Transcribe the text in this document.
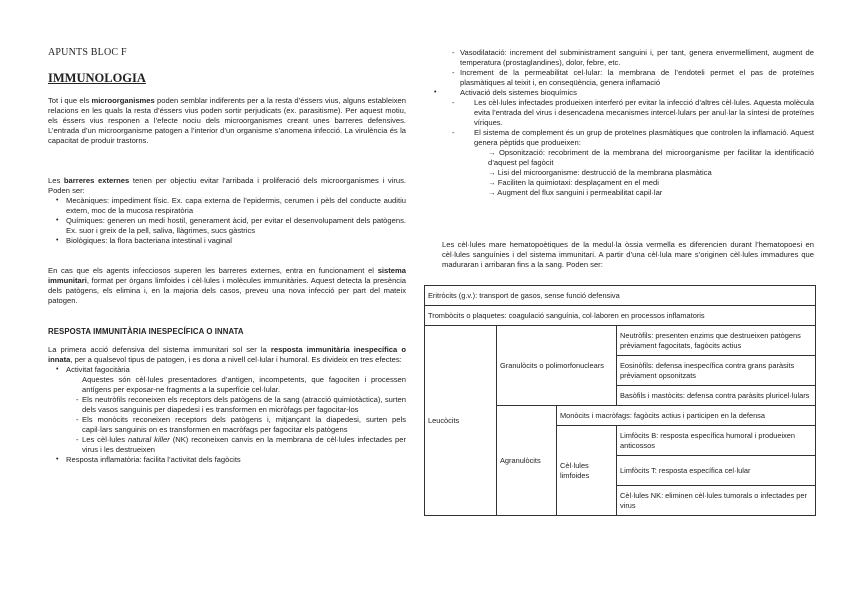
APUNTS BLOC F
IMMUNOLOGIA

Tot i que els microorganismes poden semblar indiferents per a la resta d’éssers vius, alguns estableixen relacions en les quals la resta d’éssers vius poden sortir perjudicats (ex. parasitisme). Per aquest motiu, els éssers vius responen a l’efecte nociu dels microorganismes creant unes barreres defensives. L’entrada d’un microorganisme patogen a l’interior d’un organisme s’anomena infecció. La virulència és la capacitat de produir trastorns.

Les barreres externes tenen per objectiu evitar l’arribada i proliferació dels microorganismes i virus. Poden ser:

• Mecàniques: impediment físic. Ex. capa externa de l’epidermis, cerumen i pèls del conducte auditiu extern, moc de la mucosa respiratòria
• Químiques: generen un medi hostil, generament àcid, per evitar el desenvolupament dels patògens. Ex. suor i greix de la pell, saliva, llàgrimes, sucs gàstrics
• Biològiques: la flora bacteriana intestinal i vaginal

En cas que els agents infecciosos superen les barreres externes, entra en funcionament el sistema immunitari, format per òrgans limfoides i cèl·lules i molècules immunitàries. Aquest detecta la presència dels patògens, els elimina i, en la majoria dels casos, preveu una nova infecció per part del mateix patogen.

RESPOSTA IMMUNITÀRIA INESPECÍFICA O INNATA

La primera acció defensiva del sistema immunitari sol ser la resposta immunitària inespecífica o innata, per a qualsevol tipus de patogen, i es dona a nivell cel·lular i humoral. Es divideix en tres efectes:

• Activitat fagocitària

Aquestes són cèl·lules presentadores d’antigen, incompetents, que fagociten i processen antígens per exposar-ne fragments a la superfície cel·lular.

- Els neutròfils reconeixen els receptors dels patògens de la sang (atracció quimiotàctica), surten dels vasos sanguinis per diapedesi i es transformen en micròfags per fagocitar-los
- Els monòcits reconeixen receptors dels patògens i, mitjançant la diapedesi, surten pels capil·lars sanguinis on es transformen en macròfags per fagocitar els patògens
- Les cèl·lules natural killer (NK) reconeixen canvis en la membrana de cèl·lules infectades per virus i les destrueixen
• Resposta inflamatòria: facilita l’activitat dels fagòcits
- Vasodilatació: increment del subministrament sanguini i, per tant, genera envermelliment, augment de temperatura (prostaglandines), dolor, febre, etc.
- Increment de la permeabilitat cel·lular: la membrana de l’endoteli permet el pas de proteïnes plasmàtiques al teixit i, en conseqüència, genera inflamació
• Activació dels sistemes bioquímics
- Les cèl·lules infectades produeixen interferó per evitar la infecció d’altres cèl·lules. Aquesta molècula evita l’entrada del virus i desencadena mecanismes intercel·lulars per anul·lar la síntesi de proteïnes víriques.
- El sistema de complement és un grup de proteïnes plasmàtiques que controlen la inflamació. Aquest genera pèptids que produeixen:
→ Opsonització: recobriment de la membrana del microorganisme per facilitar la identificació d’aquest pel fagòcit
→ Lisi del microorganisme: destrucció de la membrana plasmàtica
→ Faciliten la quimiotaxi: desplaçament en el medi
→ Augment del flux sanguini i permeabilitat capil·lar
Les cèl·lules mare hematopoètiques de la medul·la òssia vermella es diferencien durant l’hematopoesi en cèl·lules sanguínies i del sistema immunitari. A partir d’una cèl·lula mare s’originen cèl·lules immadures que maduraran i arribaran fins a la sang. Poden ser:
Eritròcits (g.v.): transport de gasos, sense funció defensiva			
Trombòcits o plaquetes: coagulació sanguínia, col·laboren en processos inflamatoris			
Leucòcits	Granulòcits o polimorfonuclears		Neutròfils: presenten enzims que destrueixen patògens prèviament fagocitats, fagòcits actius
			Eosinòfils: defensa inespecífica contra grans paràsits prèviament opsonitzats
			Basòfils i mastòcits: defensa contra paràsits pluricel·lulars
	Agranulòcits	Monòcits i macròfags: fagòcits actius i participen en la defensa	
		Cèl·lules limfoides	Limfòcits B: resposta específica humoral i produeixen anticossos
			Limfòcits T: resposta específica cel·lular
			Cèl·lules NK: eliminen cèl·lules tumorals o infectades per virus
